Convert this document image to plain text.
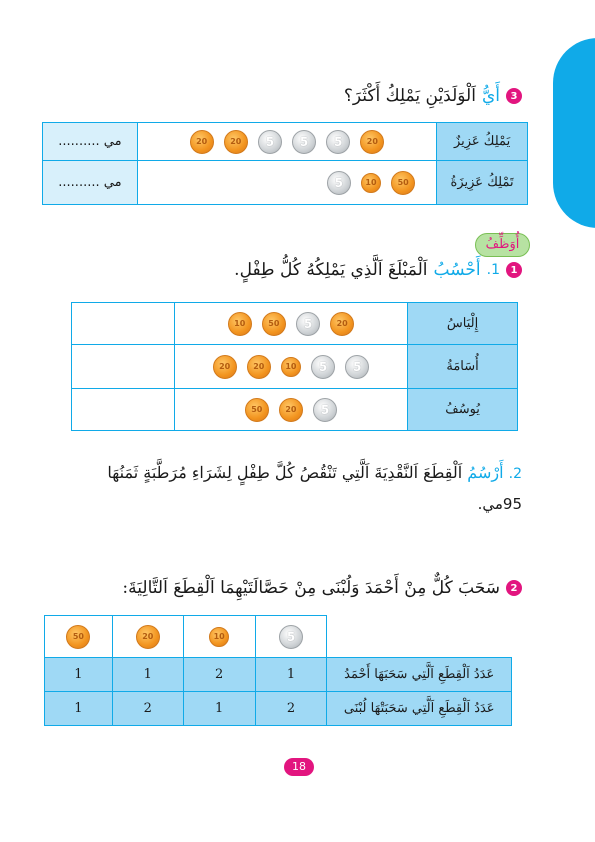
3
أَيُّ
اَلْوَلَدَيْنِ يَمْلِكُ أَكْثَرَ؟
.......... مي	20 20 5 5 5 20	يَمْلِكُ عَزِيزٌ
.......... مي	5 10 50	تَمْلِكُ عَزِيزَةُ
أُوَظِّفُ
1
1.
أَحْسُبُ
اَلْمَبْلَغَ اَلَّذِي يَمْلِكُهُ كُلُّ طِفْلٍ.
	10 50 5 20	إِلْيَاسُ
	20 20 10 5 5	أُسَامَةُ
	50 20 5	يُوسُفُ
2. أَرْسُمُ اَلْقِطَعَ اَلنَّقْدِيَةَ اَلَّتِي تَنْقُصُ كُلَّ طِفْلٍ لِشَرَاءِ مُرَطَّبَةٍ ثَمَنُهَا
95مي.
2
سَحَبَ كُلٌّ مِنْ أَحْمَدَ وَلُبْنَى مِنْ حَصَّالَتَيْهِمَا اَلْقِطَعَ اَلتَّالِيَةَ:
50	20	10	5	
1	1	2	1	عَدَدُ اَلْقِطَعِ اَلَّتِي سَحَبَهَا أَحْمَدُ
1	2	1	2	عَدَدُ اَلْقِطَعِ اَلَّتِي سَحَبَتْهَا لُبْنَى
18
